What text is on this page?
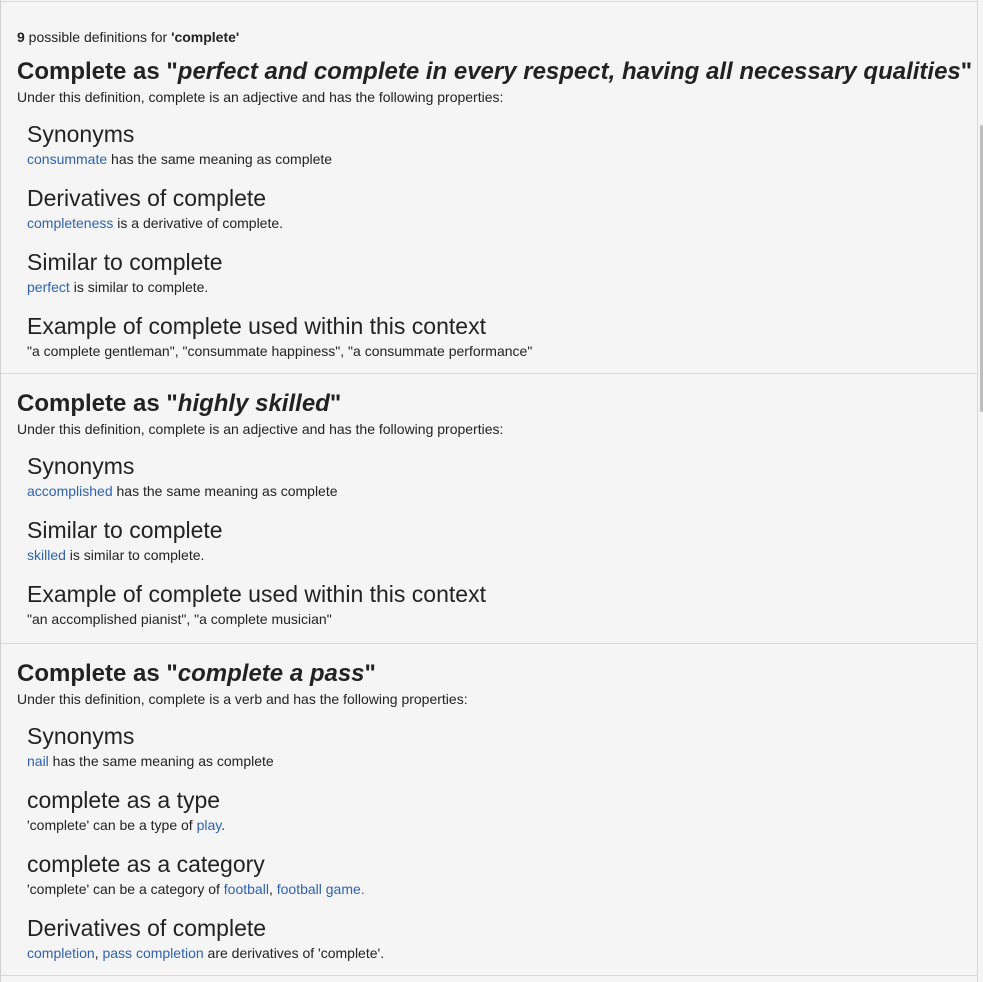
9 possible definitions for 'complete'
Complete as "perfect and complete in every respect, having all necessary qualities"

Under this definition, complete is an adjective and has the following properties:

Synonyms

consummate has the same meaning as complete

Derivatives of complete

completeness is a derivative of complete.

Similar to complete

perfect is similar to complete.

Example of complete used within this context

"a complete gentleman", "consummate happiness", "a consummate performance"

Complete as "highly skilled"

Under this definition, complete is an adjective and has the following properties:

Synonyms

accomplished has the same meaning as complete

Similar to complete

skilled is similar to complete.

Example of complete used within this context

"an accomplished pianist", "a complete musician"

Complete as "complete a pass"

Under this definition, complete is a verb and has the following properties:

Synonyms

nail has the same meaning as complete

complete as a type

'complete' can be a type of play.

complete as a category

'complete' can be a category of football, football game.

Derivatives of complete

completion, pass completion are derivatives of 'complete'.
